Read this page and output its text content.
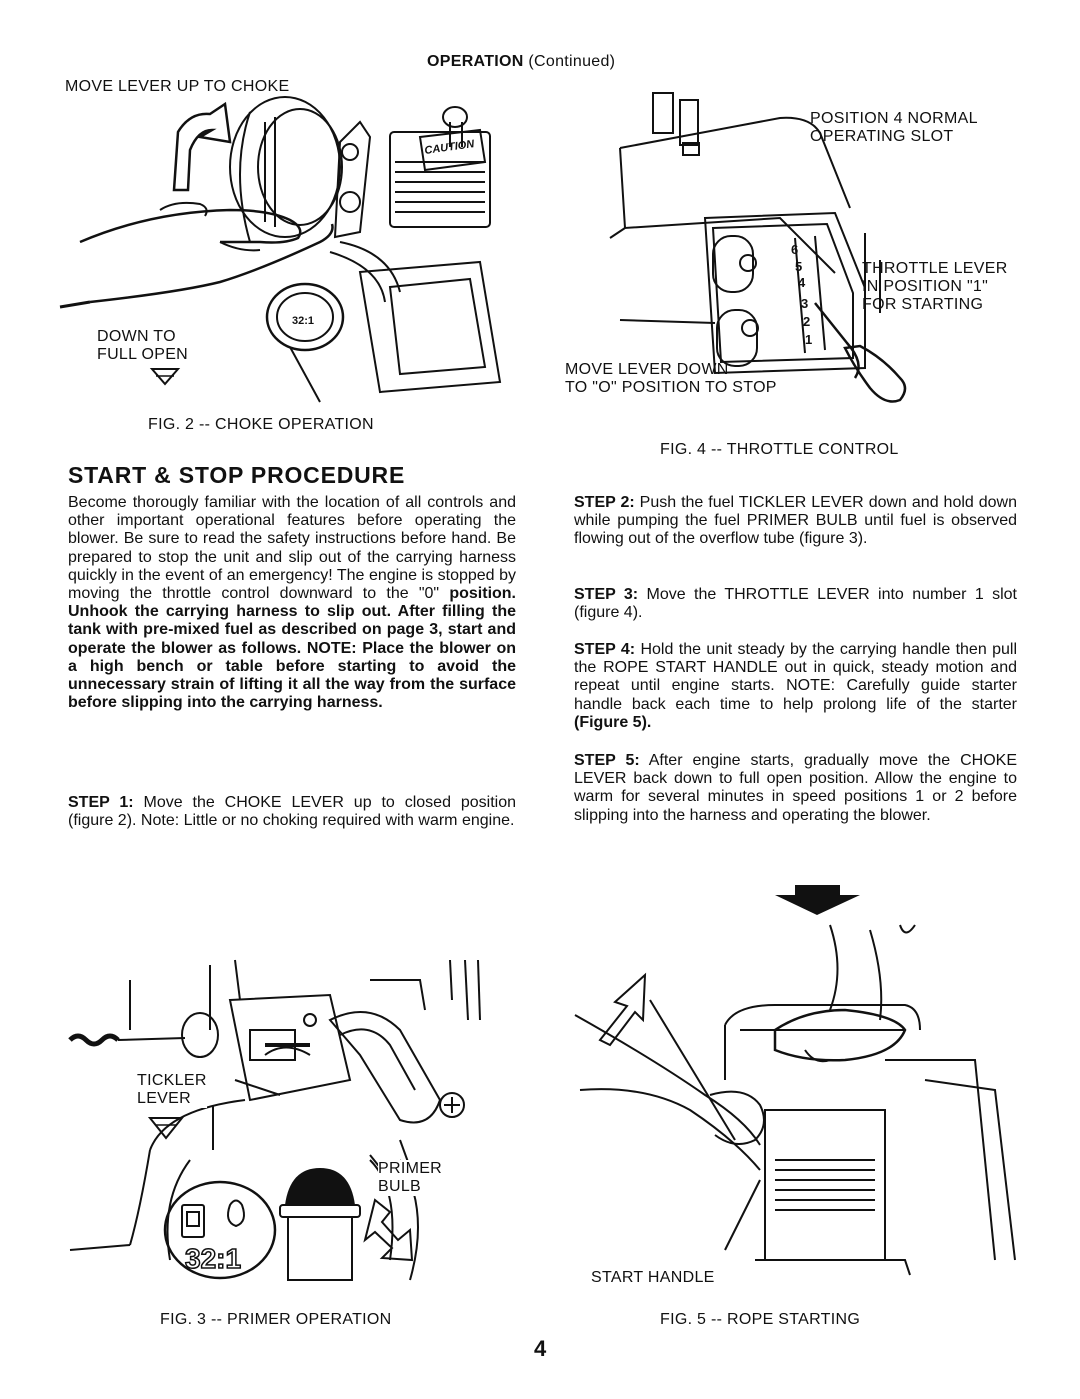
OPERATION (Continued)
MOVE LEVER UP TO CHOKE
CAUTION
32:1
DOWN TO
FULL OPEN
FIG. 2 -- CHOKE OPERATION
6
5
4
3
2
1
POSITION 4 NORMAL
OPERATING SLOT
THROTTLE LEVER
IN POSITION "1"
FOR STARTING
MOVE LEVER DOWN
TO "O" POSITION TO STOP
FIG. 4 -- THROTTLE CONTROL
START & STOP PROCEDURE
Become thorougly familiar with the location of all controls and other important operational features before operating the blower. Be sure to read the safety instructions before hand. Be prepared to stop the unit and slip out of the carrying harness quickly in the event of an emergency! The engine is stopped by moving the throttle control downward to the "0" position. Unhook the carrying harness to slip out. After filling the tank with pre-mixed fuel as described on page 3, start and operate the blower as follows. NOTE: Place the blower on a high bench or table before starting to avoid the unnecessary strain of lifting it all the way from the surface before slipping into the carrying harness.
STEP 1: Move the CHOKE LEVER up to closed position (figure 2). Note: Little or no choking required with warm engine.
STEP 2: Push the fuel TICKLER LEVER down and hold down while pumping the fuel PRIMER BULB until fuel is observed flowing out of the overflow tube (figure 3).
STEP 3: Move the THROTTLE LEVER into number 1 slot (figure 4).
STEP 4: Hold the unit steady by the carrying handle then pull the ROPE START HANDLE out in quick, steady motion and repeat until engine starts. NOTE: Carefully guide starter handle back each time to help prolong life of the starter (Figure 5).
STEP 5: After engine starts, gradually move the CHOKE LEVER back down to full open position. Allow the engine to warm for several minutes in speed positions 1 or 2 before slipping into the harness and operating the blower.
32:1
TICKLER
LEVER
PRIMER
BULB
FIG. 3 -- PRIMER OPERATION
START HANDLE
FIG. 5 -- ROPE STARTING
4
